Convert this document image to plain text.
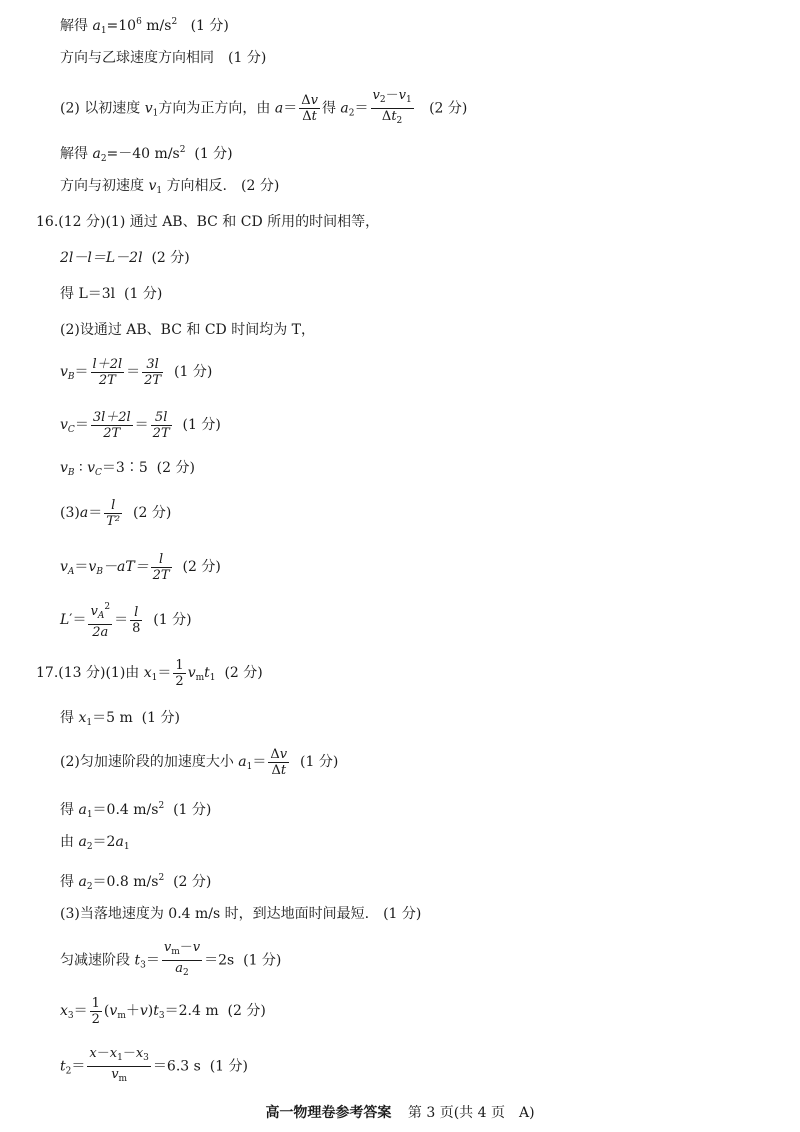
解得 $a_1=10^6$ $m/s^2$ (1 分)
方向与乙球速度方向相同　(1 分)
(2) 以初速度 $v_1$方向为正方向，由 $a= \frac{\Delta v}{\Delta t}$ 得 $a_2= \frac{v_2-v_1}{\Delta t_2} (2$ 分)
解得 $a_2=-40$ $m/s^2$ (1 分)
方向与初速度 $v_1$ 方向相反.　(2 分)
16.(12 分)(1) 通过 AB、BC 和 CD 所用的时间相等，
2l－l＝L－2l (2 分)
得 L＝3l (1 分)
(2)设通过 AB、BC 和 CD 时间均为 T，
$v_B= \frac{l+2l}{2T} = \frac{3l}{2T} (1$ 分)
$v_C= \frac{3l+2l}{2T} = \frac{5l}{2T} (1$ 分)
$v_B$ ∶ $v_C=3∶5$ (2 分)
$(3)a= \frac{l}{\text{T²}} (2$ 分)
$v_A=v_B-aT= \frac{l}{2T} (2$ 分)
$L'= \frac{v_A^2}{2a} = \frac{l}{8} (1$ 分)
17.(13 分)(1)由 $x_1= \frac{1}{2} v_mt_1$ (2 分)
得 $x_1=5$ m (1 分)
(2)匀加速阶段的加速度大小 $a_1= \frac{\Delta v}{\Delta t} (1$ 分)
得 $a_1=0.4$ $m/s^2$ (1 分)
由 $a_2=2a_1$
得 $a_2=0.8$ $m/s^2$ (2 分)
(3)当落地速度为 0.4 m/s 时，到达地面时间最短.　(1 分)
匀减速阶段 $t_3= \frac{v_m-v}{a_2} =2s$ (1 分)
$x_3= \frac{1}{2} (v_m+v)t_3=2.4$ m (2 分)
$t_2= \frac{x-x_1-x_3}{v_m} =6.3$ s (1 分)
高一物理卷参考答案 第 3 页(共 4 页　A)
